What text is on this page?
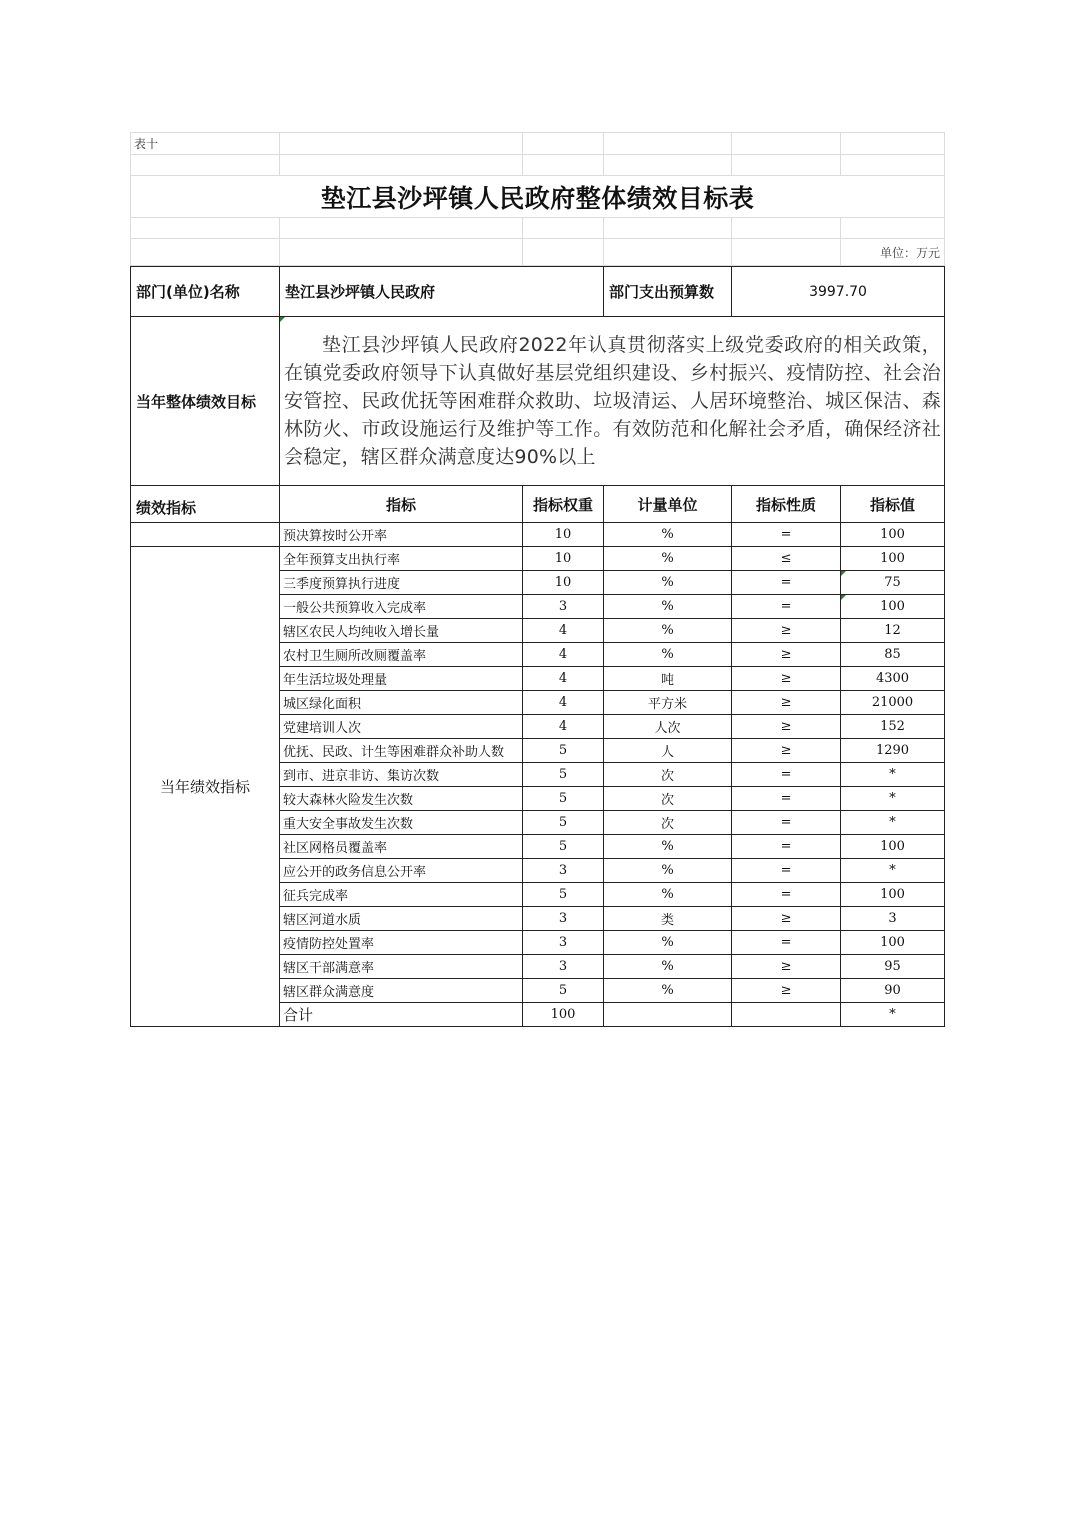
表十					

垫江县沙坪镇人民政府整体绩效目标表					

					单位：万元
部门(单位)名称	垫江县沙坪镇人民政府		部门支出预算数	3997.70	
当年整体绩效目标	垫江县沙坪镇人民政府2022年认真贯彻落实上级党委政府的相关政策，在镇党委政府领导下认真做好基层党组织建设、乡村振兴、疫情防控、社会治安管控、民政优抚等困难群众救助、垃圾清运、人居环境整治、城区保洁、森林防火、市政设施运行及维护等工作。有效防范和化解社会矛盾，确保经济社会稳定，辖区群众满意度达90%以上				
绩效指标	指标	指标权重	计量单位	指标性质	指标值
	预决算按时公开率	10	%	=	100
当年绩效指标	全年预算支出执行率	10	%	≤	100
	三季度预算执行进度	10	%	=	75
	一般公共预算收入完成率	3	%	=	100
	辖区农民人均纯收入增长量	4	%	≥	12
	农村卫生厕所改厕覆盖率	4	%	≥	85
	年生活垃圾处理量	4	吨	≥	4300
	城区绿化面积	4	平方米	≥	21000
	党建培训人次	4	人次	≥	152
	优抚、民政、计生等困难群众补助人数	5	人	≥	1290
	到市、进京非访、集访次数	5	次	=	*
	较大森林火险发生次数	5	次	=	*
	重大安全事故发生次数	5	次	=	*
	社区网格员覆盖率	5	%	=	100
	应公开的政务信息公开率	3	%	=	*
	征兵完成率	5	%	=	100
	辖区河道水质	3	类	≥	3
	疫情防控处置率	3	%	=	100
	辖区干部满意率	3	%	≥	95
	辖区群众满意度	5	%	≥	90
	合计	100			*
